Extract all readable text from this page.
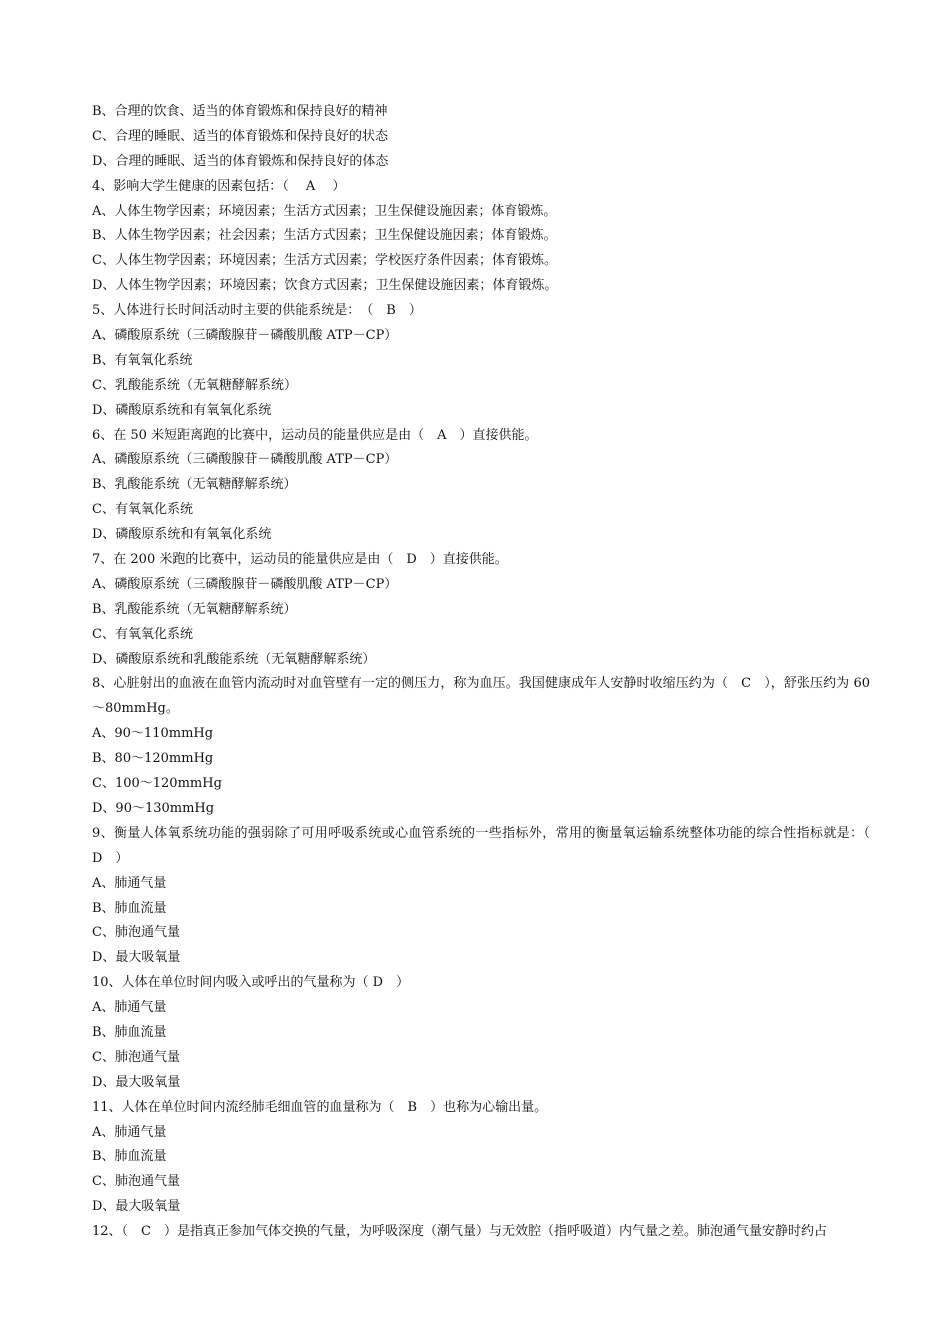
B、合理的饮食、适当的体育锻炼和保持良好的精神
C、合理的睡眠、适当的体育锻炼和保持良好的状态
D、合理的睡眠、适当的体育锻炼和保持良好的体态
4、影响大学生健康的因素包括：（　 A　 ）
A、人体生物学因素；环境因素；生活方式因素；卫生保健设施因素；体育锻炼。
B、人体生物学因素；社会因素；生活方式因素；卫生保健设施因素；体育锻炼。
C、人体生物学因素；环境因素；生活方式因素；学校医疗条件因素；体育锻炼。
D、人体生物学因素；环境因素；饮食方式因素；卫生保健设施因素；体育锻炼。
5、人体进行长时间活动时主要的供能系统是：　（　B　）
A、磷酸原系统（三磷酸腺苷－磷酸肌酸 ATP－CP）
B、有氧氧化系统
C、乳酸能系统（无氧糖酵解系统）
D、磷酸原系统和有氧氧化系统
6、在 50 米短距离跑的比赛中，运动员的能量供应是由（　A　）直接供能。
A、磷酸原系统（三磷酸腺苷－磷酸肌酸 ATP－CP）
B、乳酸能系统（无氧糖酵解系统）
C、有氧氧化系统
D、磷酸原系统和有氧氧化系统
7、在 200 米跑的比赛中，运动员的能量供应是由（　D　）直接供能。
A、磷酸原系统（三磷酸腺苷－磷酸肌酸 ATP－CP）
B、乳酸能系统（无氧糖酵解系统）
C、有氧氧化系统
D、磷酸原系统和乳酸能系统（无氧糖酵解系统）
8、心脏射出的血液在血管内流动时对血管壁有一定的侧压力，称为血压。我国健康成年人安静时收缩压约为（　C　），舒张压约为 60～80mmHg。
A、90～110mmHg
B、80～120mmHg
C、100～120mmHg
D、90～130mmHg
9、衡量人体氧系统功能的强弱除了可用呼吸系统或心血管系统的一些指标外，常用的衡量氧运输系统整体功能的综合性指标就是：（　D　）
A、肺通气量
B、肺血流量
C、肺泡通气量
D、最大吸氧量
10、人体在单位时间内吸入或呼出的气量称为（ D　）
A、肺通气量
B、肺血流量
C、肺泡通气量
D、最大吸氧量
11、人体在单位时间内流经肺毛细血管的血量称为（　B　）也称为心输出量。
A、肺通气量
B、肺血流量
C、肺泡通气量
D、最大吸氧量
12、（　C　）是指真正参加气体交换的气量，为呼吸深度（潮气量）与无效腔（指呼吸道）内气量之差。肺泡通气量安静时约占
